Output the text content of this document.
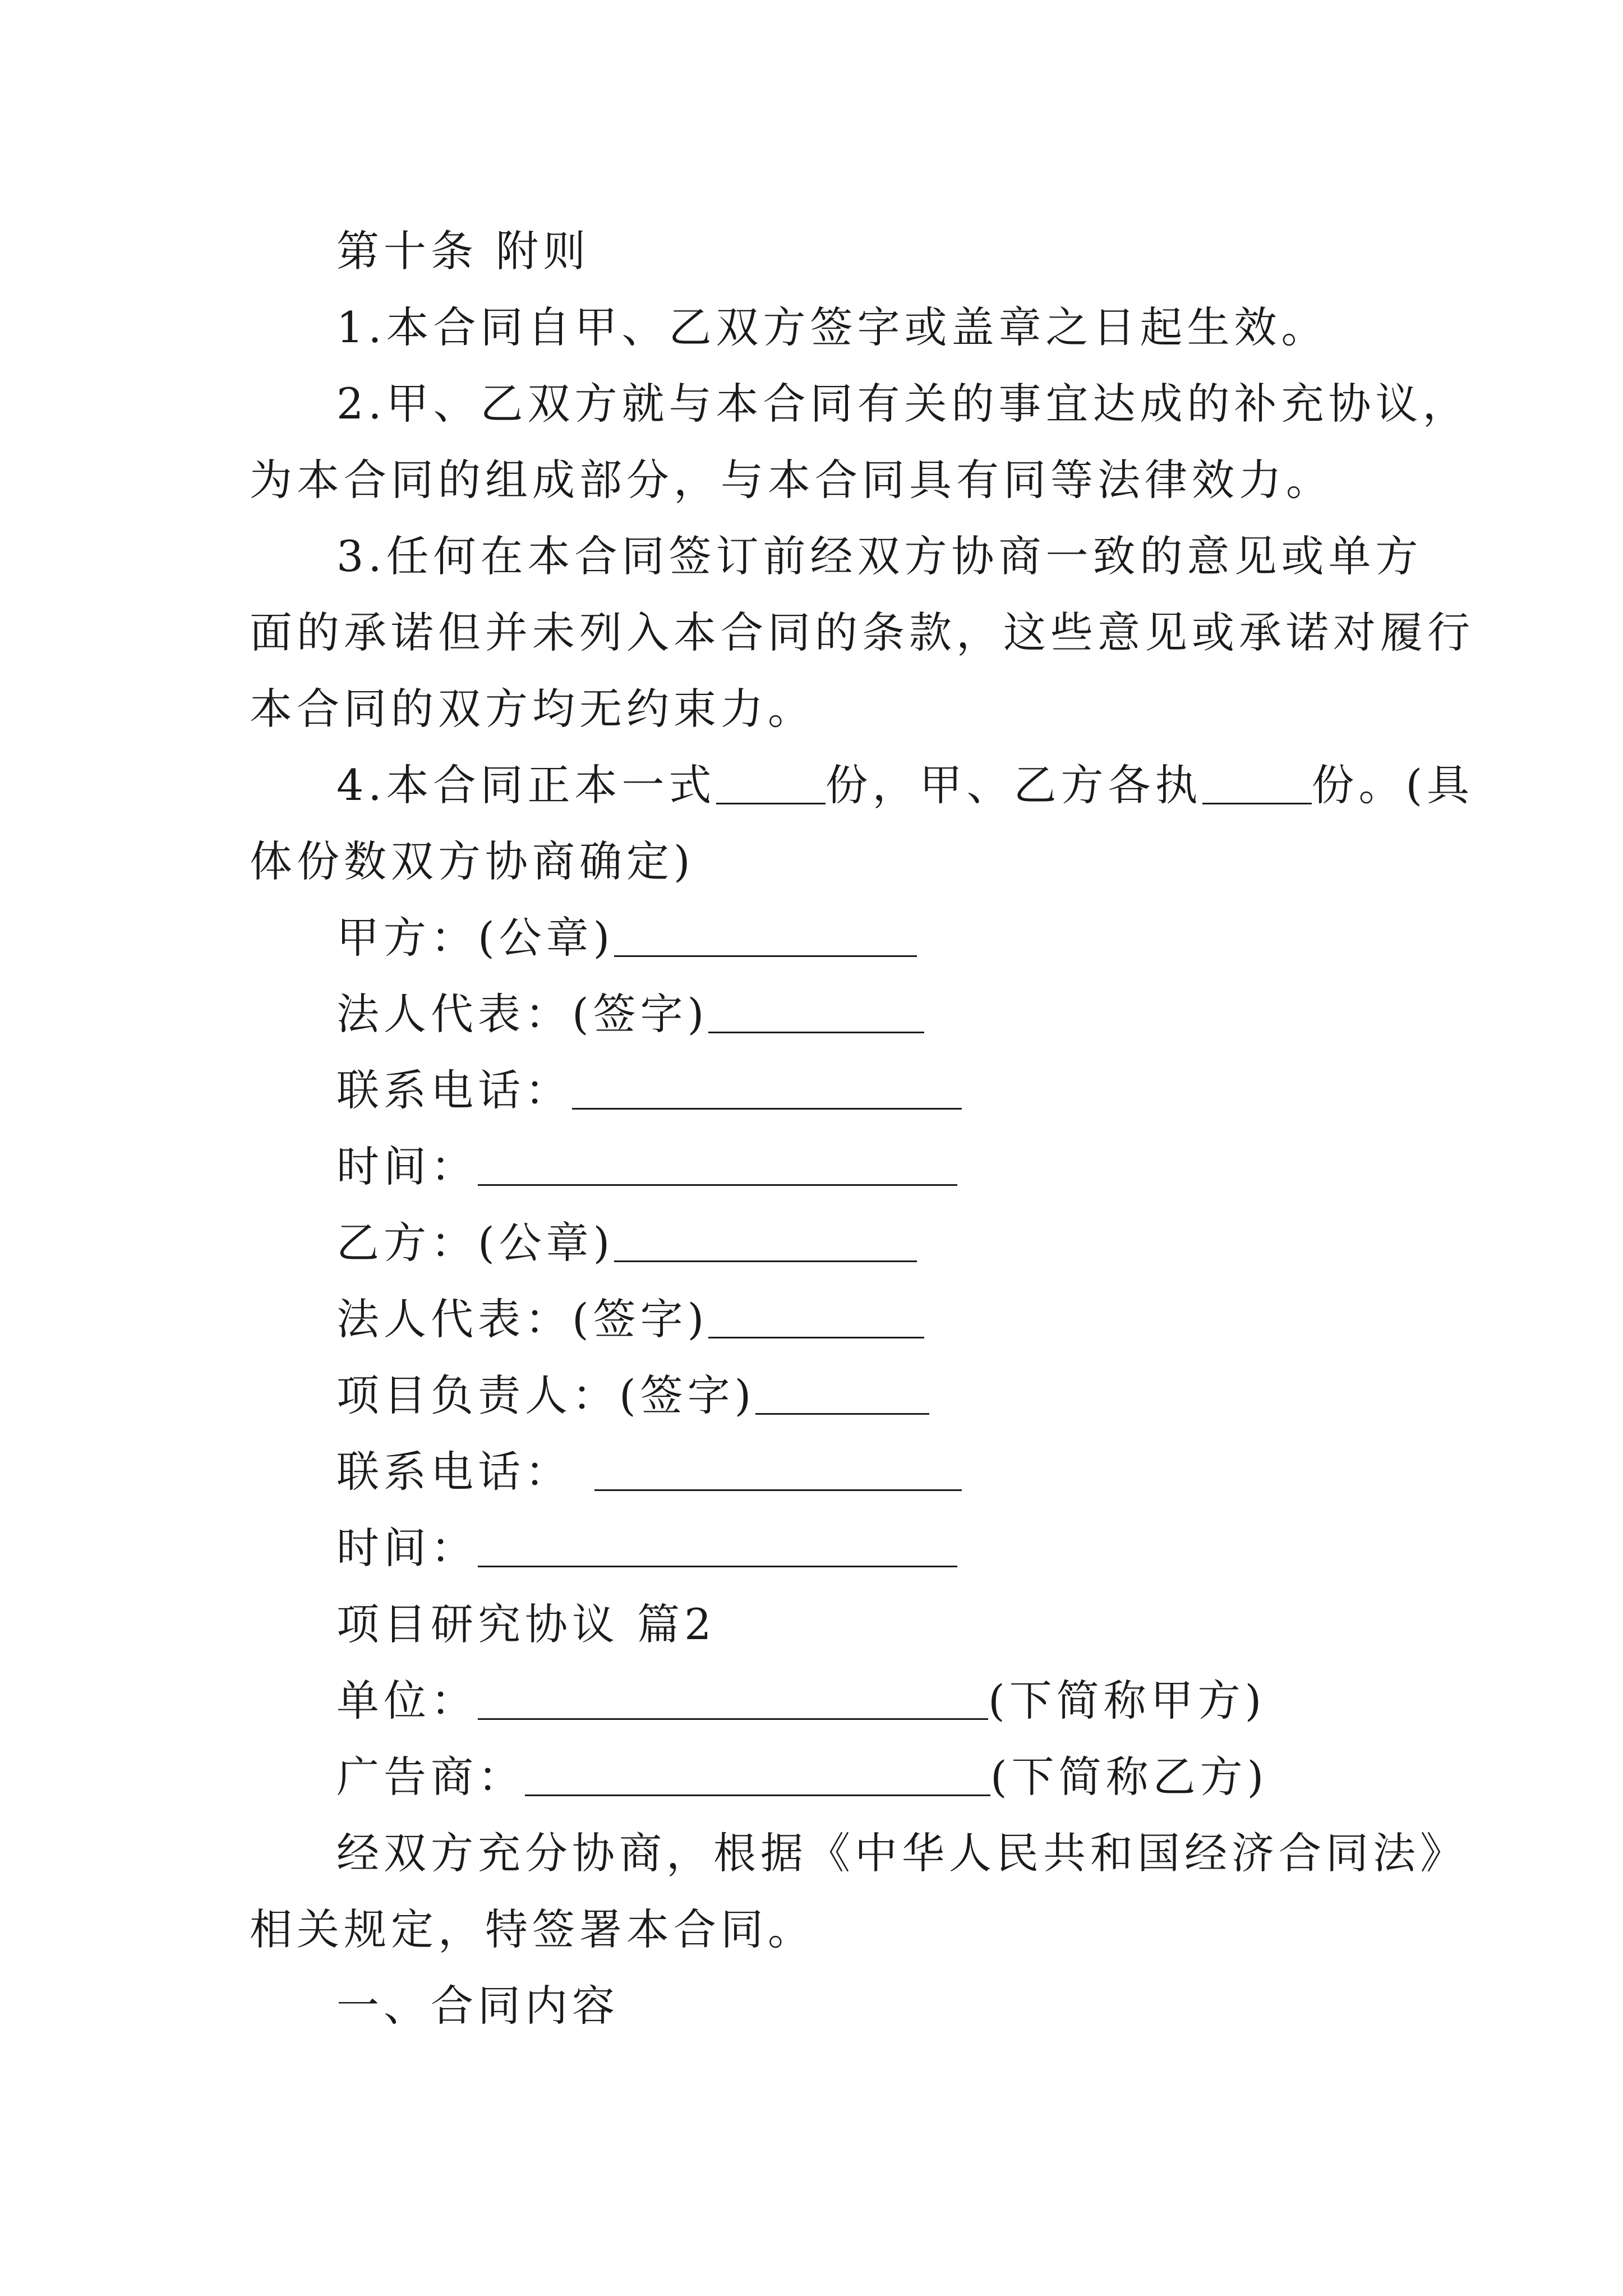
第十条 附则
1.本合同自甲、乙双方签字或盖章之日起生效。
2.甲、乙双方就与本合同有关的事宜达成的补充协议，
为本合同的组成部分，与本合同具有同等法律效力。
3.任何在本合同签订前经双方协商一致的意见或单方
面的承诺但并未列入本合同的条款，这些意见或承诺对履行
本合同的双方均无约束力。
4.本合同正本一式	份，甲、乙方各执	份。(具
体份数双方协商确定)
甲方：(公章)
法人代表：(签字)
联系电话：
时间：
乙方：(公章)
法人代表：(签字)
项目负责人：(签字)
联系电话：
时间：
项目研究协议 篇2
单位：	(下简称甲方)
广告商：	(下简称乙方)
经双方充分协商，根据《中华人民共和国经济合同法》
相关规定，特签署本合同。
一、合同内容
